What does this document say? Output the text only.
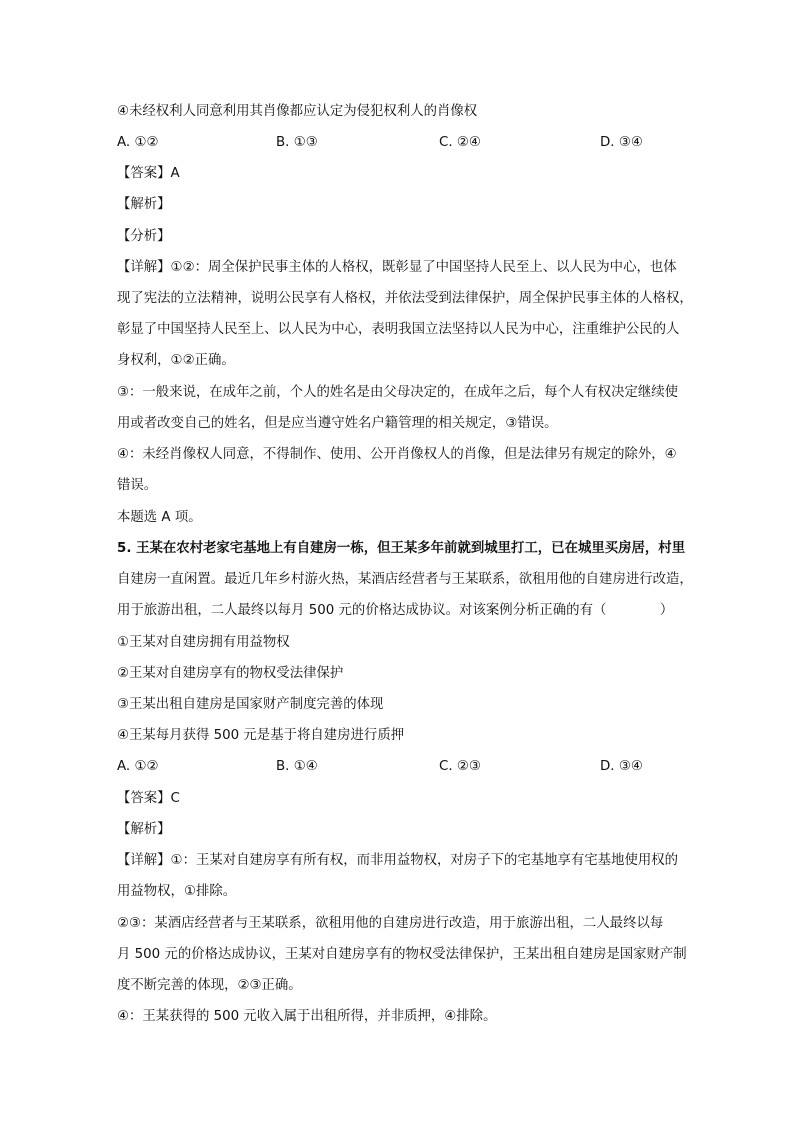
④未经权利人同意利用其肖像都应认定为侵犯权利人的肖像权
A. ①②	B. ①③	C. ②④	D. ③④
【答案】A
【解析】
【分析】
【详解】①②：周全保护民事主体的人格权，既彰显了中国坚持人民至上、以人民为中心，也体
现了宪法的立法精神，说明公民享有人格权，并依法受到法律保护，周全保护民事主体的人格权，
彰显了中国坚持人民至上、以人民为中心，表明我国立法坚持以人民为中心，注重维护公民的人
身权利，①②正确。
③：一般来说，在成年之前，个人的姓名是由父母决定的，在成年之后，每个人有权决定继续使
用或者改变自己的姓名，但是应当遵守姓名户籍管理的相关规定，③错误。
④：未经肖像权人同意，不得制作、使用、公开肖像权人的肖像，但是法律另有规定的除外，④
错误。
本题选 A 项。
5. 王某在农村老家宅基地上有自建房一栋，但王某多年前就到城里打工，已在城里买房居，村里
自建房一直闲置。最近几年乡村游火热，某酒店经营者与王某联系，欲租用他的自建房进行改造，
用于旅游出租，二人最终以每月 500 元的价格达成协议。对该案例分析正确的有（　　　　）
①王某对自建房拥有用益物权
②王某对自建房享有的物权受法律保护
③王某出租自建房是国家财产制度完善的体现
④王某每月获得 500 元是基于将自建房进行质押
A. ①②	B. ①④	C. ②③	D. ③④
【答案】C
【解析】
【详解】①：王某对自建房享有所有权，而非用益物权，对房子下的宅基地享有宅基地使用权的
用益物权，①排除。
②③：某酒店经营者与王某联系，欲租用他的自建房进行改造，用于旅游出租，二人最终以每
月 500 元的价格达成协议，王某对自建房享有的物权受法律保护，王某出租自建房是国家财产制
度不断完善的体现，②③正确。
④：王某获得的 500 元收入属于出租所得，并非质押，④排除。
